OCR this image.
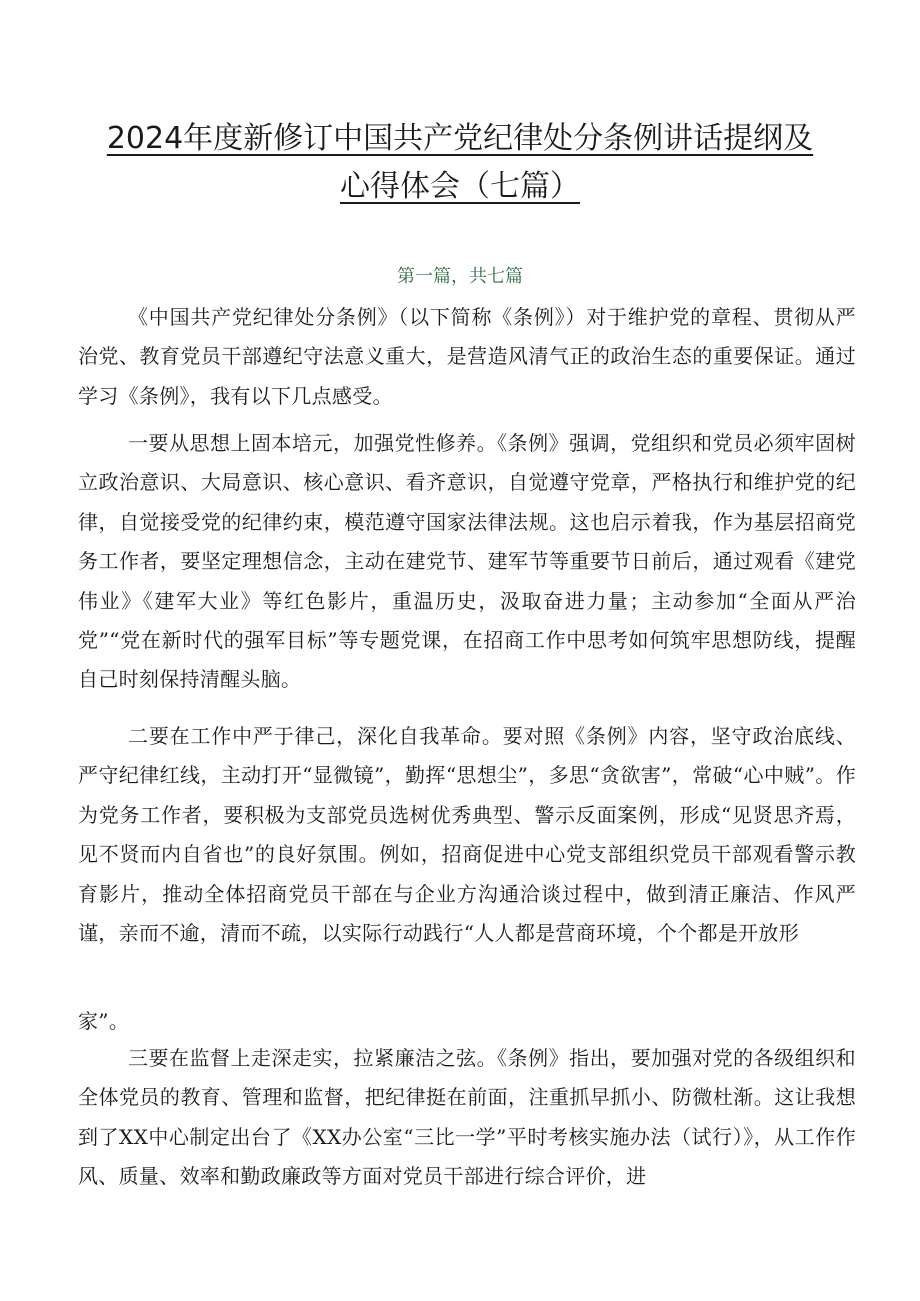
2024年度新修订中国共产党纪律处分条例讲话提纲及
心得体会（七篇）
第一篇，共七篇
《中国共产党纪律处分条例》（以下简称《条例》）对于维护党的章程、贯彻从严治党、教育党员干部遵纪守法意义重大，是营造风清气正的政治生态的重要保证。通过学习《条例》，我有以下几点感受。
一要从思想上固本培元，加强党性修养。《条例》强调，党组织和党员必须牢固树立政治意识、大局意识、核心意识、看齐意识，自觉遵守党章，严格执行和维护党的纪律，自觉接受党的纪律约束，模范遵守国家法律法规。这也启示着我，作为基层招商党务工作者，要坚定理想信念，主动在建党节、建军节等重要节日前后，通过观看《建党伟业》《建军大业》等红色影片，重温历史，汲取奋进力量；主动参加“全面从严治党”“党在新时代的强军目标”等专题党课，在招商工作中思考如何筑牢思想防线，提醒自己时刻保持清醒头脑。
二要在工作中严于律己，深化自我革命。要对照《条例》内容，坚守政治底线、严守纪律红线，主动打开“显微镜”，勤挥“思想尘”，多思“贪欲害”，常破“心中贼”。作为党务工作者，要积极为支部党员选树优秀典型、警示反面案例，形成“见贤思齐焉，见不贤而内自省也”的良好氛围。例如，招商促进中心党支部组织党员干部观看警示教育影片，推动全体招商党员干部在与企业方沟通洽谈过程中，做到清正廉洁、作风严谨，亲而不逾，清而不疏，以实际行动践行“人人都是营商环境，个个都是开放形
家”。
三要在监督上走深走实，拉紧廉洁之弦。《条例》指出，要加强对党的各级组织和全体党员的教育、管理和监督，把纪律挺在前面，注重抓早抓小、防微杜渐。这让我想到了XX中心制定出台了《XX办公室“三比一学”平时考核实施办法（试行）》，从工作作风、质量、效率和勤政廉政等方面对党员干部进行综合评价，进
